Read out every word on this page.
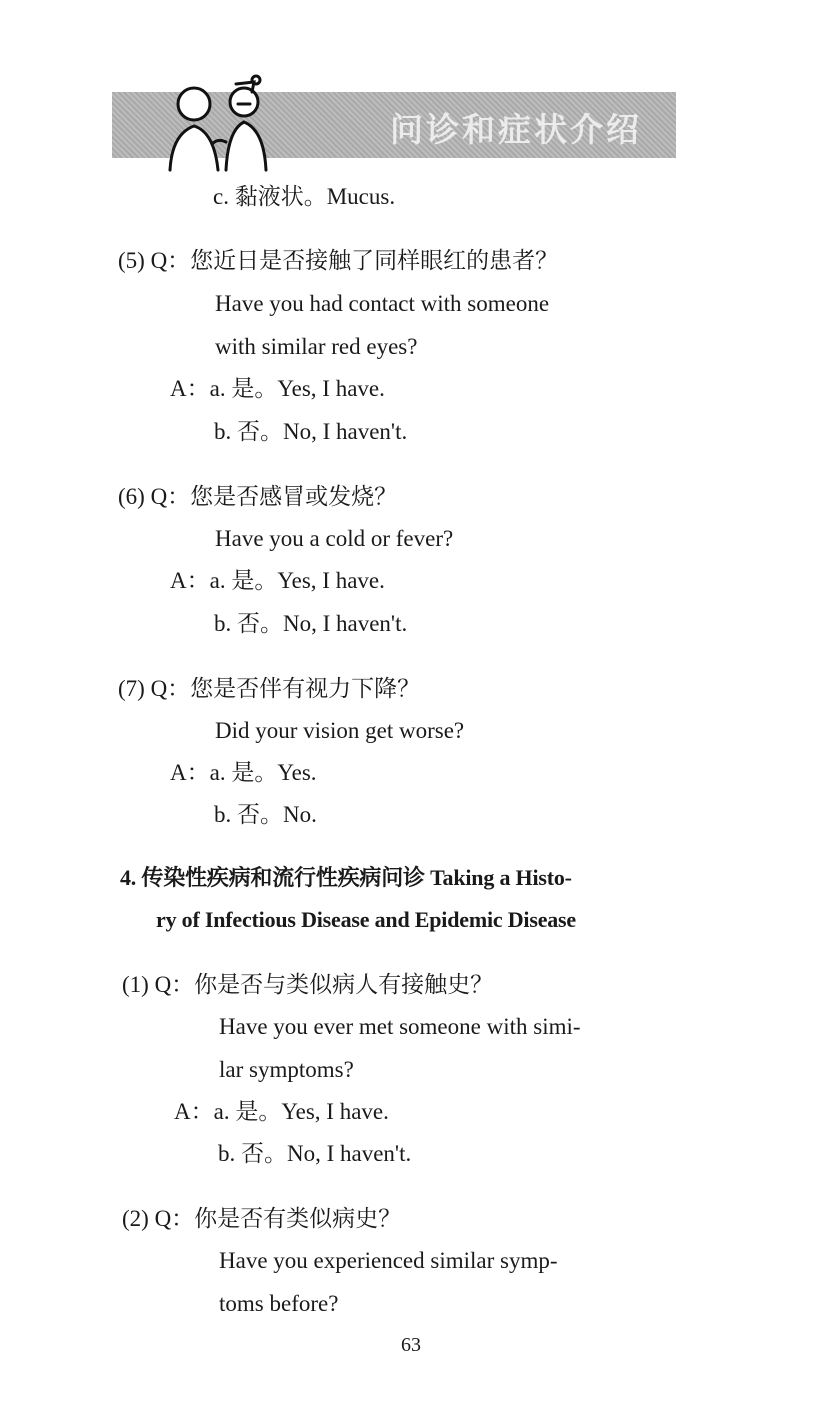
问诊和症状介绍
c. 黏液状。Mucus.
(5) Q：您近日是否接触了同样眼红的患者？
Have you had contact with someone
with similar red eyes?
A：a. 是。Yes, I have.
b. 否。No, I haven't.
(6) Q：您是否感冒或发烧？
Have you a cold or fever?
A：a. 是。Yes, I have.
b. 否。No, I haven't.
(7) Q：您是否伴有视力下降？
Did your vision get worse?
A：a. 是。Yes.
b. 否。No.
4. 传染性疾病和流行性疾病问诊 Taking a Histo-
ry of Infectious Disease and Epidemic Disease
(1) Q：你是否与类似病人有接触史？
Have you ever met someone with simi-
lar symptoms?
A：a. 是。Yes, I have.
b. 否。No, I haven't.
(2) Q：你是否有类似病史？
Have you experienced similar symp-
toms before?
63
